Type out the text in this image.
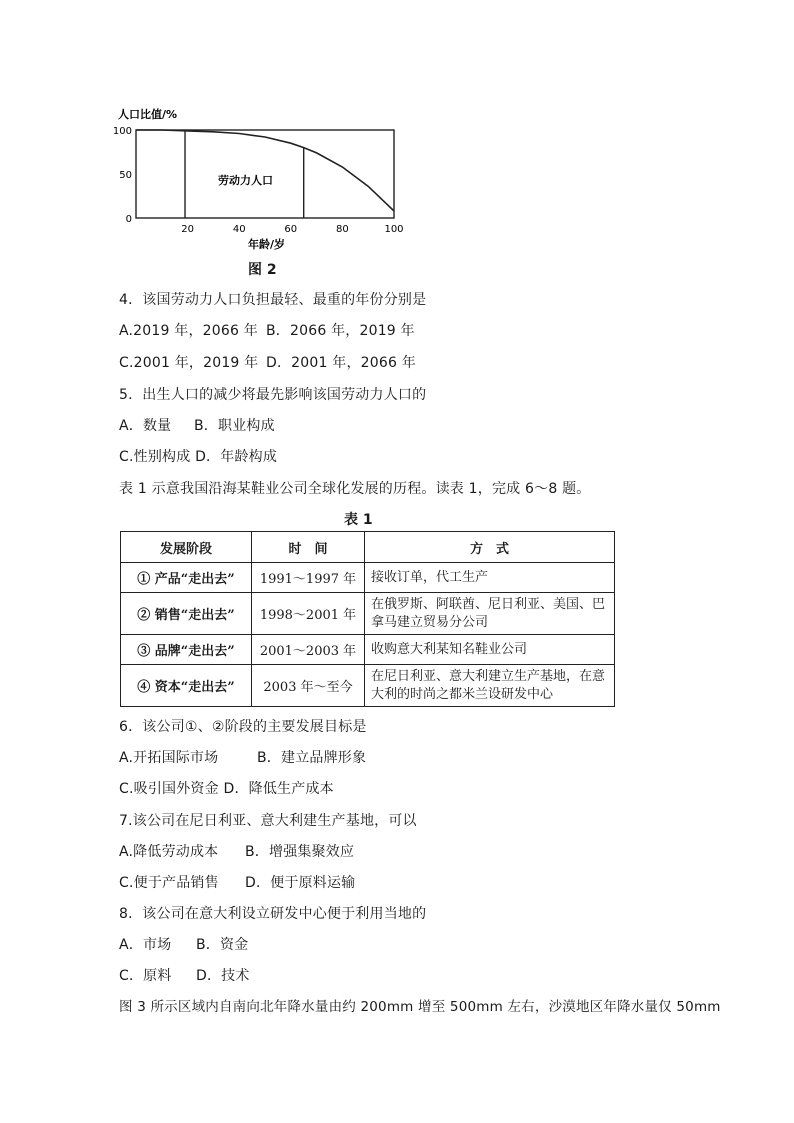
人口比值/%
0
50
100
20	40	60	80	100
劳动力人口
年龄/岁
图 2
4．该国劳动力人口负担最轻、最重的年份分别是
A.2019 年，2066 年 B．2066 年，2019 年
C.2001 年，2019 年 D．2001 年，2066 年
5．出生人口的减少将最先影响该国劳动力人口的
A．数量 B．职业构成
C.性别构成 D．年龄构成
表 1 示意我国沿海某鞋业公司全球化发展的历程。读表 1，完成 6～8 题。
表 1
发展阶段	时　间	方　式
① 产品“走出去”	1991～1997 年	接收订单，代工生产
② 销售“走出去”	1998～2001 年	在俄罗斯、阿联酋、尼日利亚、美国、巴拿马建立贸易分公司
③ 品牌“走出去”	2001～2003 年	收购意大利某知名鞋业公司
④ 资本“走出去”	2003 年～至今	在尼日利亚、意大利建立生产基地，在意大利的时尚之都米兰设研发中心
6．该公司①、②阶段的主要发展目标是
A.开拓国际市场	B．建立品牌形象
C.吸引国外资金 D．降低生产成本
7.该公司在尼日利亚、意大利建生产基地，可以
A.降低劳动成本 B．增强集聚效应
C.便于产品销售 D．便于原料运输
8．该公司在意大利设立研发中心便于利用当地的
A．市场 B．资金
C．原料 D．技术
图 3 所示区域内自南向北年降水量由约 200mm 增至 500mm 左右，沙漠地区年降水量仅 50mm
